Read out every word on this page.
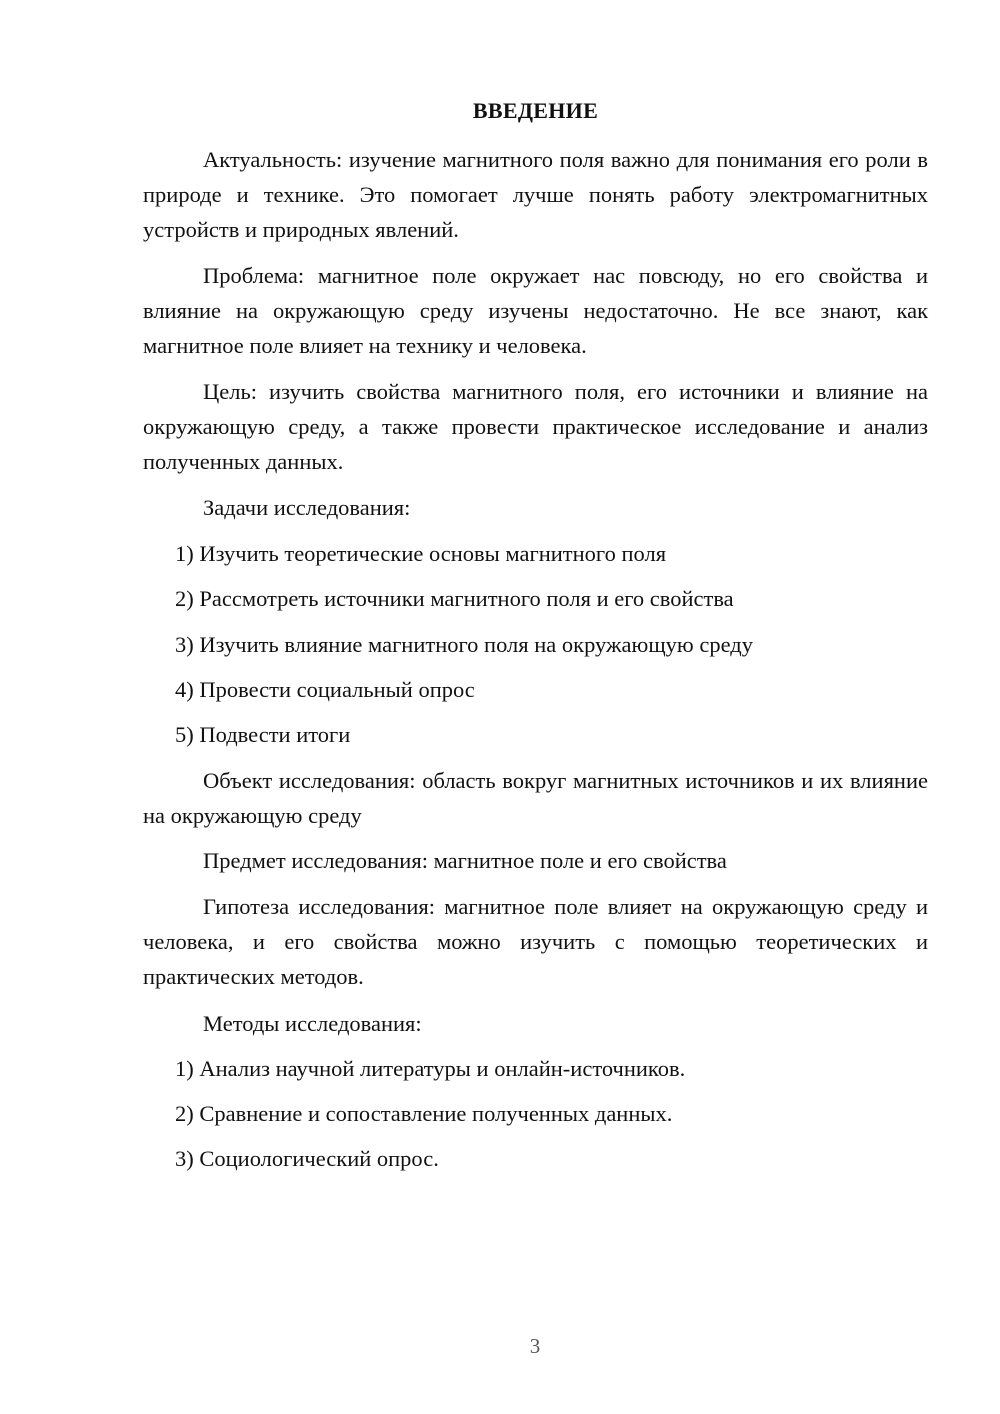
ВВЕДЕНИЕ

Актуальность: изучение магнитного поля важно для понимания его роли в природе и технике. Это помогает лучше понять работу электромагнитных устройств и природных явлений.

Проблема: магнитное поле окружает нас повсюду, но его свойства и влияние на окружающую среду изучены недостаточно. Не все знают, как магнитное поле влияет на технику и человека.

Цель: изучить свойства магнитного поля, его источники и влияние на окружающую среду, а также провести практическое исследование и анализ полученных данных.

Задачи исследования:

1) Изучить теоретические основы магнитного поля

2) Рассмотреть источники магнитного поля и его свойства

3) Изучить влияние магнитного поля на окружающую среду

4) Провести социальный опрос

5) Подвести итоги

Объект исследования: область вокруг магнитных источников и их влияние на окружающую среду

Предмет исследования: магнитное поле и его свойства

Гипотеза исследования: магнитное поле влияет на окружающую среду и человека, и его свойства можно изучить с помощью теоретических и практических методов.

Методы исследования:

1) Анализ научной литературы и онлайн-источников.

2) Сравнение и сопоставление полученных данных.

3) Социологический опрос.

3
